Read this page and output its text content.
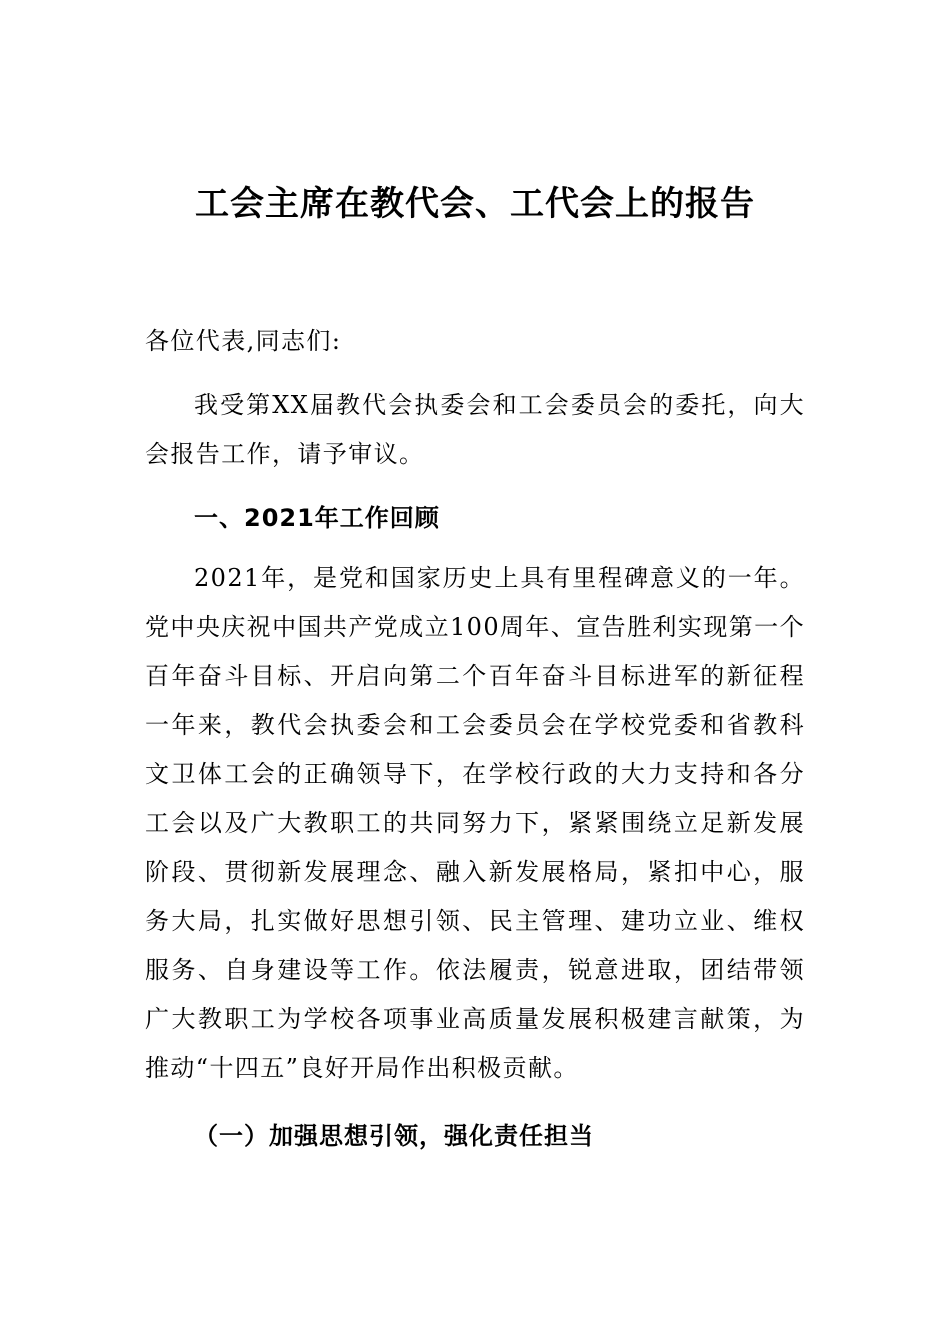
工会主席在教代会、工代会上的报告

各位代表,同志们:

我受第XX届教代会执委会和工会委员会的委托，向大会报告工作，请予审议。

一、2021年工作回顾

2021年，是党和国家历史上具有里程碑意义的一年。党中央庆祝中国共产党成立100周年、宣告胜利实现第一个百年奋斗目标、开启向第二个百年奋斗目标进军的新征程一年来，教代会执委会和工会委员会在学校党委和省教科文卫体工会的正确领导下，在学校行政的大力支持和各分工会以及广大教职工的共同努力下，紧紧围绕立足新发展阶段、贯彻新发展理念、融入新发展格局，紧扣中心，服务大局，扎实做好思想引领、民主管理、建功立业、维权服务、自身建设等工作。依法履责，锐意进取，团结带领广大教职工为学校各项事业高质量发展积极建言献策，为推动“十四五”良好开局作出积极贡献。

（一）加强思想引领，强化责任担当
